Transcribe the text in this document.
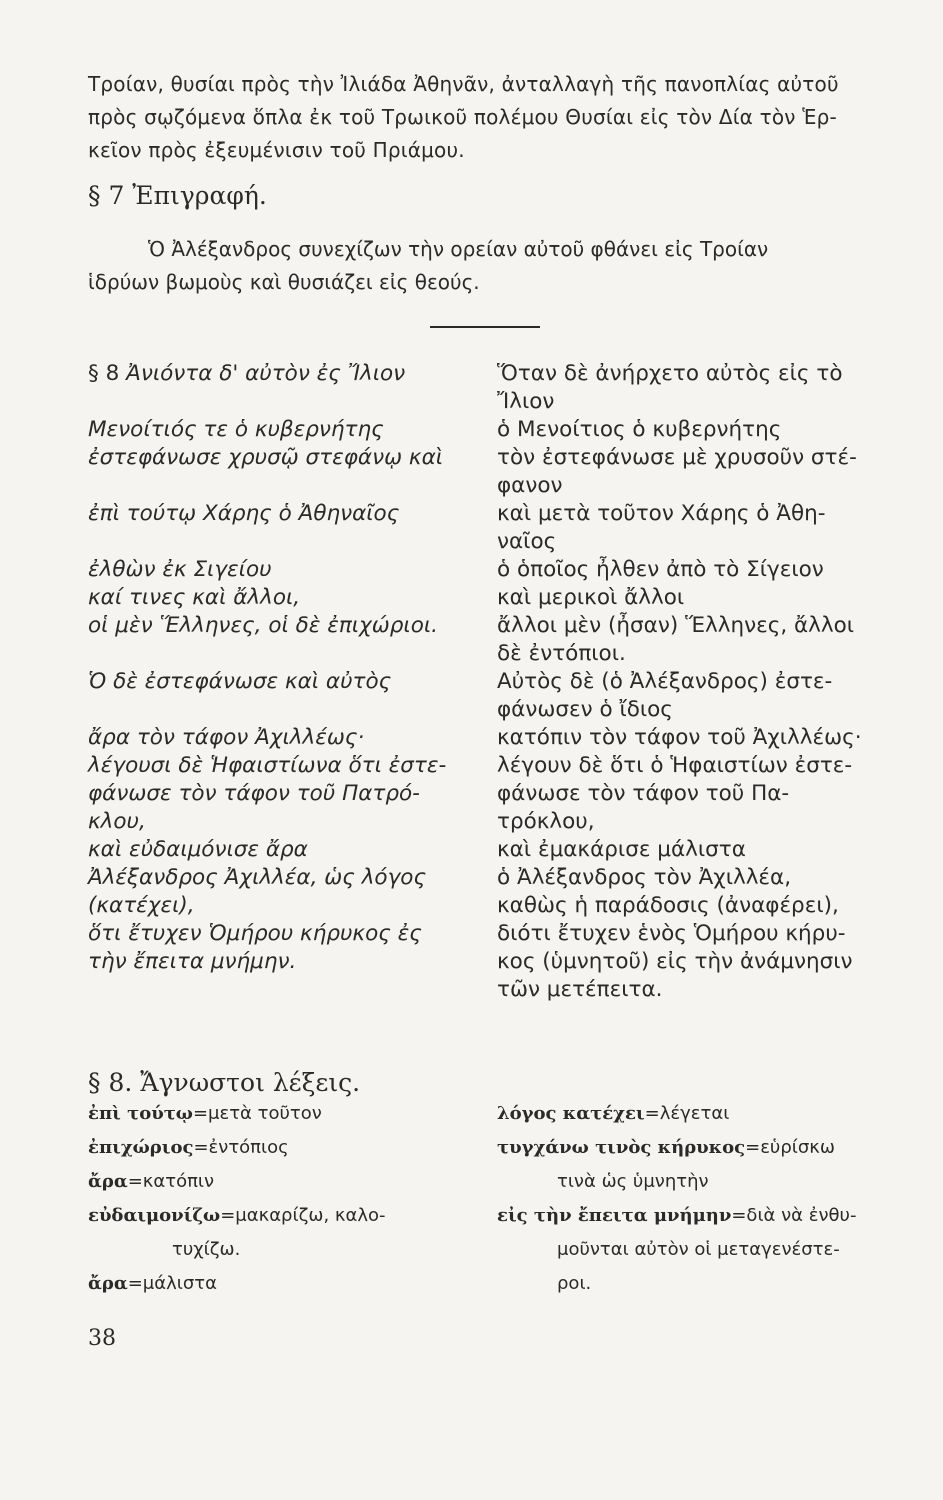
Τροίαν, θυσίαι πρὸς τὴν Ἰλιάδα Ἀθηνᾶν, ἀνταλλαγὴ τῆς πανοπλίας αὐτοῦ

πρὸς σῳζόμενα ὅπλα ἐκ τοῦ Τρωικοῦ πολέμου Θυσίαι εἰς τὸν Δία τὸν Ἑρ-

κεῖον πρὸς ἐξευμένισιν τοῦ Πριάμου.

§ 7 Ἐπιγραφή.

Ὁ Ἀλέξανδρος συνεχίζων τὴν ορείαν αὐτοῦ φθάνει εἰς Τροίαν

ἱδρύων βωμοὺς καὶ θυσιάζει εἰς θεούς.

§ 8 Ἀνιόντα δ' αὐτὸν ἐς Ἴλιον
Μενοίτιός τε ὁ κυβερνήτης
ἐστεφάνωσε χρυσῷ στεφάνῳ καὶ
ἐπὶ τούτῳ Χάρης ὁ Ἀθηναῖος
ἐλθὼν ἐκ Σιγείου
καί τινες καὶ ἄλλοι,
οἱ μὲν Ἕλληνες, οἱ δὲ ἐπιχώριοι.
Ὁ δὲ ἐστεφάνωσε καὶ αὐτὸς
ἄρα τὸν τάφον Ἀχιλλέως·
λέγουσι δὲ Ἡφαιστίωνα ὅτι ἐστε-
φάνωσε τὸν τάφον τοῦ Πατρό-
κλου,
καὶ εὐδαιμόνισε ἄρα
Ἀλέξανδρος Ἀχιλλέα, ὡς λόγος
(κατέχει),
ὅτι ἔτυχεν Ὁμήρου κήρυκος ἐς
τὴν ἔπειτα μνήμην.
Ὅταν δὲ ἀνήρχετο αὐτὸς εἰς τὸ
Ἴλιον
ὁ Μενοίτιος ὁ κυβερνήτης
τὸν ἐστεφάνωσε μὲ χρυσοῦν στέ-
φανον
καὶ μετὰ τοῦτον Χάρης ὁ Ἀθη-
ναῖος
ὁ ὁποῖος ἦλθεν ἀπὸ τὸ Σίγειον
καὶ μερικοὶ ἄλλοι
ἄλλοι μὲν (ἦσαν) Ἕλληνες, ἄλλοι
δὲ ἐντόπιοι.
Αὐτὸς δὲ (ὁ Ἀλέξανδρος) ἐστε-
φάνωσεν ὁ ἴδιος
κατόπιν τὸν τάφον τοῦ Ἀχιλλέως·
λέγουν δὲ ὅτι ὁ Ἡφαιστίων ἐστε-
φάνωσε τὸν τάφον τοῦ Πα-
τρόκλου,
καὶ ἐμακάρισε μάλιστα
ὁ Ἀλέξανδρος τὸν Ἀχιλλέα,
καθὼς ἡ παράδοσις (ἀναφέρει),
διότι ἔτυχεν ἑνὸς Ὁμήρου κήρυ-
κος (ὑμνητοῦ) εἰς τὴν ἀνάμνησιν
τῶν μετέπειτα.
§ 8. Ἄγνωστοι λέξεις.
ἐπὶ τούτῳ=μετὰ τοῦτον
ἐπιχώριος=ἐντόπιος
ἄρα=κατόπιν
εὐδαιμονίζω=μακαρίζω, καλο-
τυχίζω.
ἄρα=μάλιστα
λόγος κατέχει=λέγεται
τυγχάνω τινὸς κήρυκος=εὑρίσκω
τινὰ ὡς ὑμνητὴν
εἰς τὴν ἔπειτα μνήμην=διὰ νὰ ἐνθυ-
μοῦνται αὐτὸν οἱ μεταγενέστε-
ροι.
38
